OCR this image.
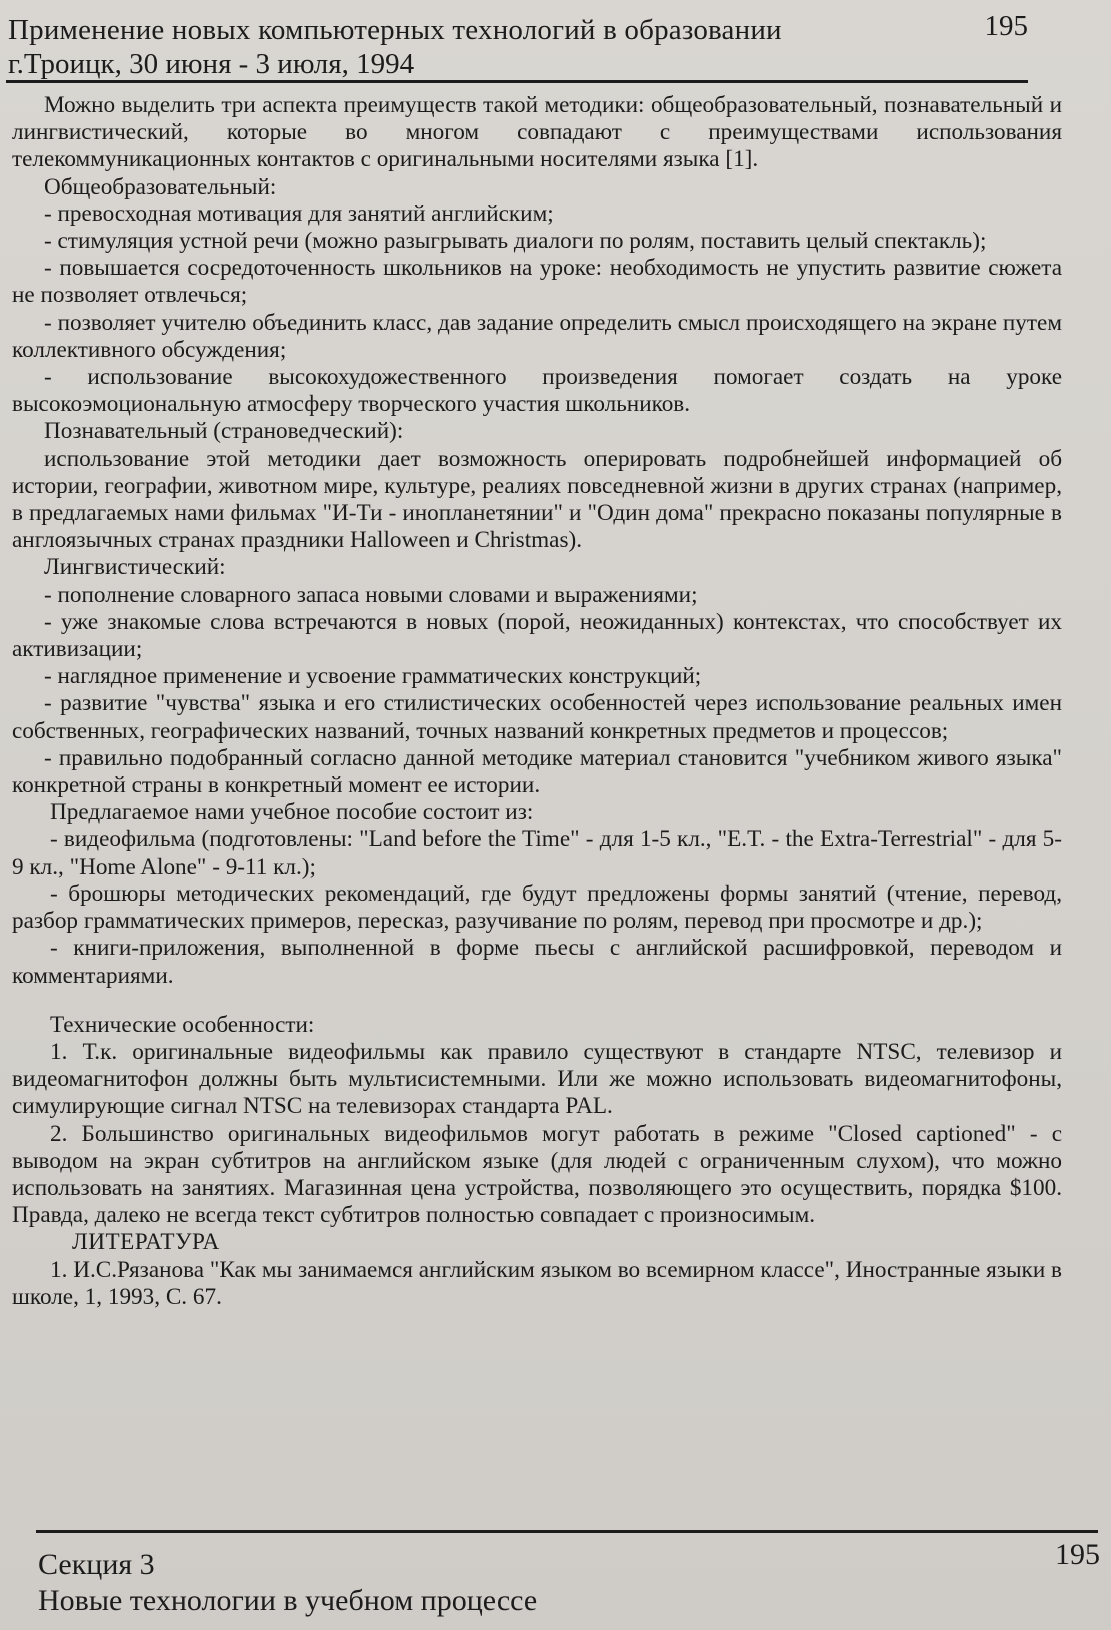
Применение новых компьютерных технологий в образовании
г.Троицк, 30 июня - 3 июля, 1994
195

Можно выделить три аспекта преимуществ такой методики: общеобразовательный, познавательный и лингвистический, которые во многом совпадают с преимуществами использования телекоммуникационных контактов с оригинальными носителями языка [1].

Общеобразовательный:

- превосходная мотивация для занятий английским;

- стимуляция устной речи (можно разыгрывать диалоги по ролям, поставить целый спектакль);

- повышается сосредоточенность школьников на уроке: необходимость не упустить развитие сюжета не позволяет отвлечься;

- позволяет учителю объединить класс, дав задание определить смысл происходящего на экране путем коллективного обсуждения;

- использование высокохудожественного произведения помогает создать на уроке высокоэмоциональную атмосферу творческого участия школьников.

Познавательный (страноведческий):

использование этой методики дает возможность оперировать подробнейшей информацией об истории, географии, животном мире, культуре, реалиях повседневной жизни в других странах (например, в предлагаемых нами фильмах "И-Ти - инопланетянии" и "Один дома" прекрасно показаны популярные в англоязычных странах праздники Halloween и Christmas).

Лингвистический:

- пополнение словарного запаса новыми словами и выражениями;

- уже знакомые слова встречаются в новых (порой, неожиданных) контекстах, что способствует их активизации;

- наглядное применение и усвоение грамматических конструкций;

- развитие "чувства" языка и его стилистических особенностей через использование реальных имен собственных, географических названий, точных названий конкретных предметов и процессов;

- правильно подобранный согласно данной методике материал становится "учебником живого языка" конкретной страны в конкретный момент ее истории.

Предлагаемое нами учебное пособие состоит из:

- видеофильма (подготовлены: "Land before the Time" - для 1-5 кл., "E.T. - the Extra-Terrestrial" - для 5-9 кл., "Home Alone" - 9-11 кл.);

- брошюры методических рекомендаций, где будут предложены формы занятий (чтение, перевод, разбор грамматических примеров, пересказ, разучивание по ролям, перевод при просмотре и др.);

- книги-приложения, выполненной в форме пьесы с английской расшифровкой, переводом и комментариями.

Технические особенности:

1. Т.к. оригинальные видеофильмы как правило существуют в стандарте NTSC, телевизор и видеомагнитофон должны быть мультисистемными. Или же можно использовать видеомагнитофоны, симулирующие сигнал NTSC на телевизорах стандарта PAL.

2. Большинство оригинальных видеофильмов могут работать в режиме "Closed captioned" - с выводом на экран субтитров на английском языке (для людей с ограниченным слухом), что можно использовать на занятиях. Магазинная цена устройства, позволяющего это осуществить, порядка $100. Правда, далеко не всегда текст субтитров полностью совпадает с произносимым.

ЛИТЕРАТУРА

1. И.С.Рязанова "Как мы занимаемся английским языком во всемирном классе", Иностранные языки в школе, 1, 1993, С. 67.

Секция 3
Новые технологии в учебном процессе
195
